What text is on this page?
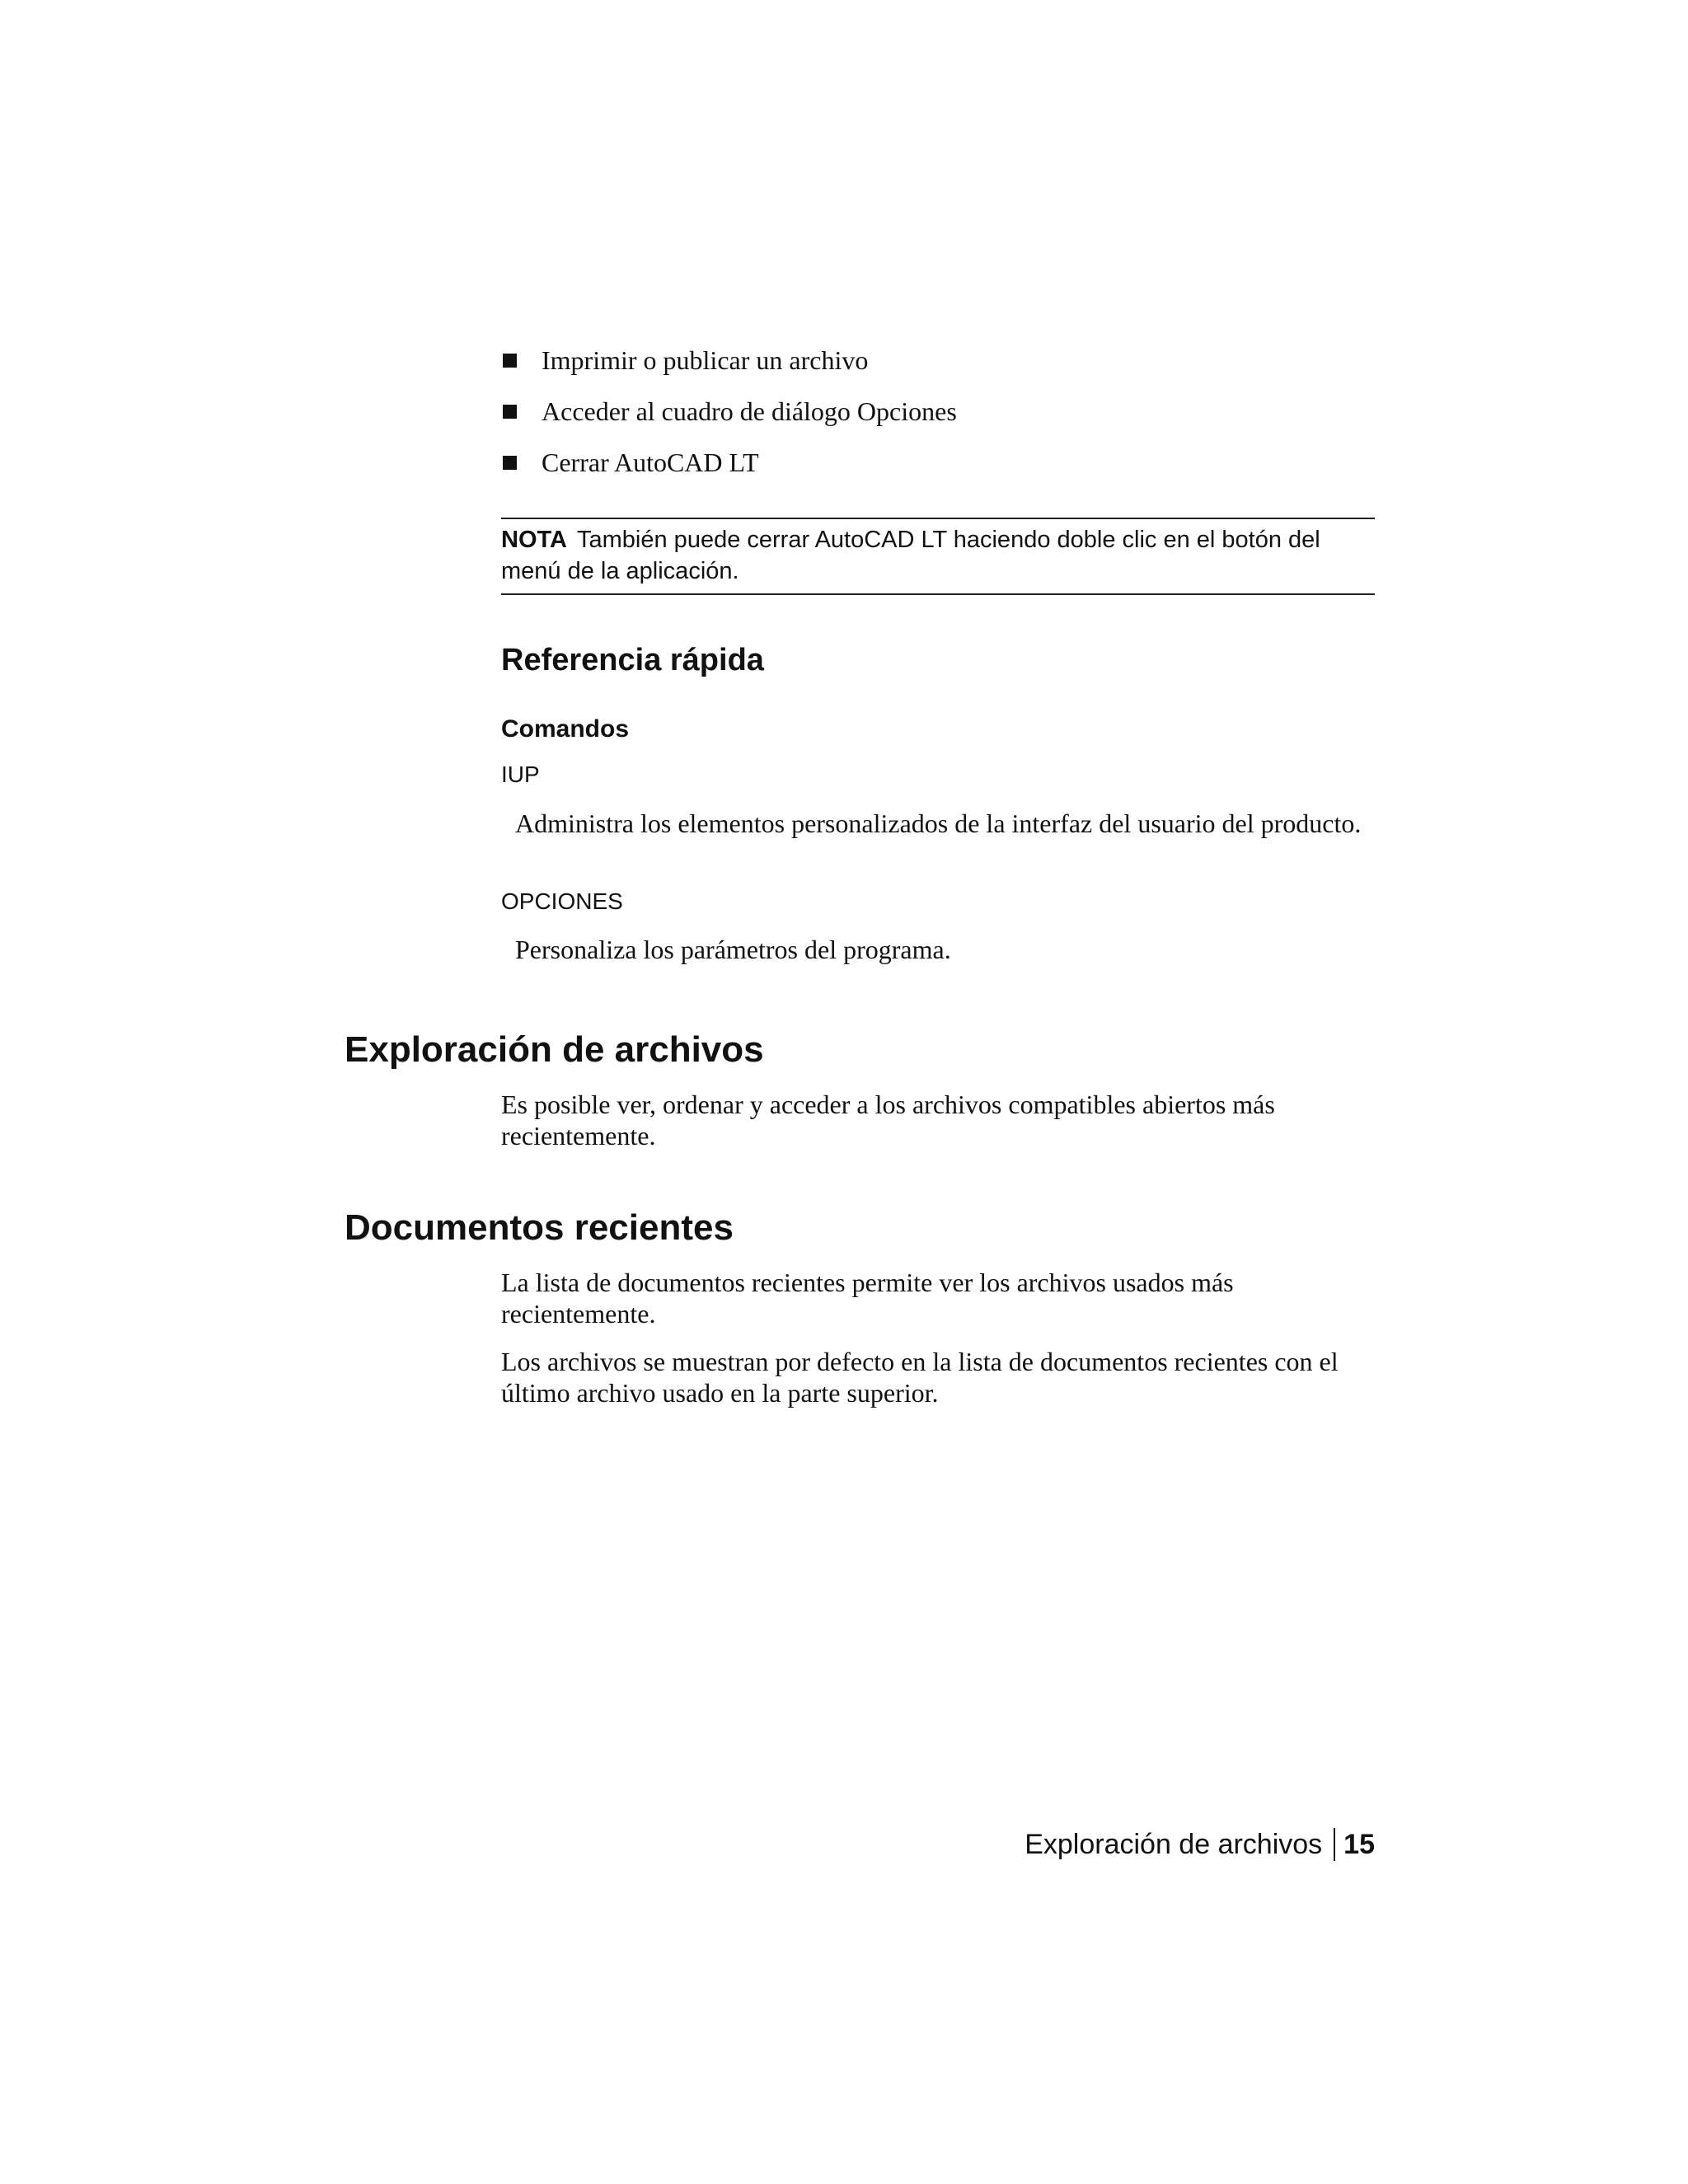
Imprimir o publicar un archivo
Acceder al cuadro de diálogo Opciones
Cerrar AutoCAD LT
NOTA También puede cerrar AutoCAD LT haciendo doble clic en el botón del menú de la aplicación.
Referencia rápida
Comandos
IUP
Administra los elementos personalizados de la interfaz del usuario del producto.
OPCIONES
Personaliza los parámetros del programa.
Exploración de archivos

Es posible ver, ordenar y acceder a los archivos compatibles abiertos más recientemente.

Documentos recientes

La lista de documentos recientes permite ver los archivos usados más recientemente.

Los archivos se muestran por defecto en la lista de documentos recientes con el último archivo usado en la parte superior.

Exploración de archivos 15
